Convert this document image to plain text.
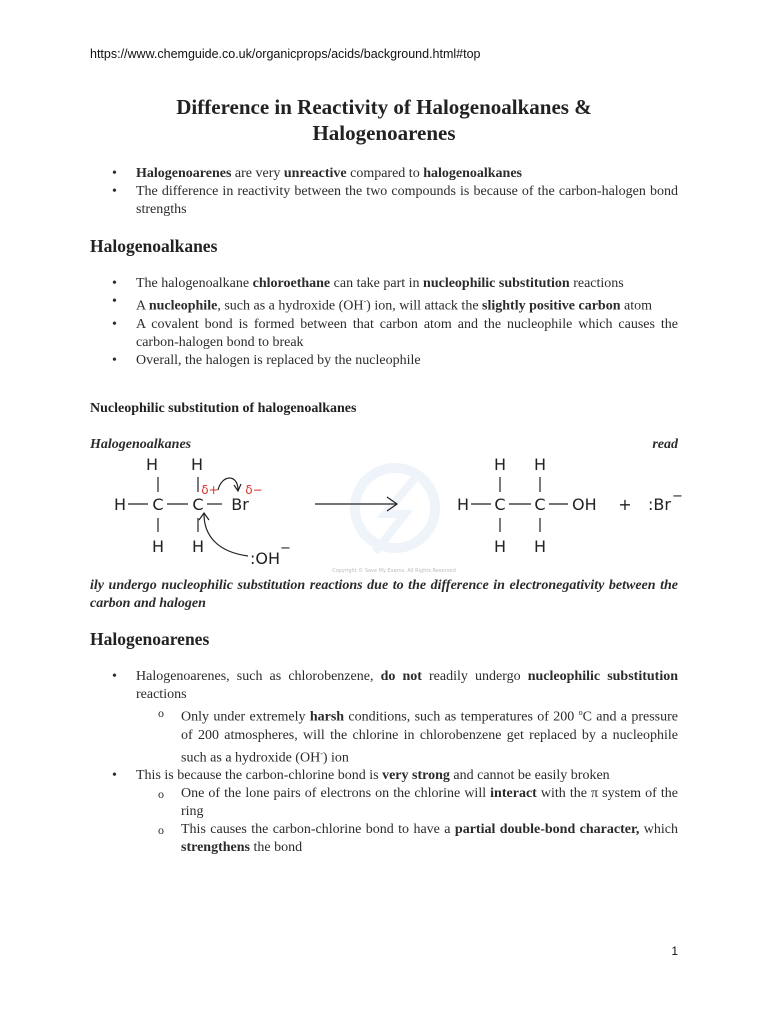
https://www.chemguide.co.uk/organicprops/acids/background.html#top
Difference in Reactivity of Halogenoalkanes &
Halogenoarenes
• Halogenoarenes are very unreactive compared to halogenoalkanes
• The difference in reactivity between the two compounds is because of the carbon-halogen bond strengths
Halogenoalkanes
• The halogenoalkane chloroethane can take part in nucleophilic substitution reactions
• A nucleophile, such as a hydroxide (OH-) ion, will attack the slightly positive carbon atom
• A covalent bond is formed between that carbon atom and the nucleophile which causes the carbon-halogen bond to break
• Overall, the halogen is replaced by the nucleophile
Nucleophilic substitution of halogenoalkanes
Halogenoalkanes	read
Copyright © Save My Exams. All Rights Reserved
H H
H C C Br
H H
δ+ δ−
:OH
−
H H
H C C OH
H H
+ :Br −
ily undergo nucleophilic substitution reactions due to the difference in electronegativity between the carbon and halogen
Halogenoarenes
• Halogenoarenes, such as chlorobenzene, do not readily undergo nucleophilic substitution reactions
o Only under extremely harsh conditions, such as temperatures of 200 $^o$C and a pressure of 200 atmospheres, will the chlorine in chlorobenzene get replaced by a nucleophile such as a hydroxide (OH-) ion
• This is because the carbon-chlorine bond is very strong and cannot be easily broken
o One of the lone pairs of electrons on the chlorine will interact with the π system of the ring
o This causes the carbon-chlorine bond to have a partial double-bond character, which strengthens the bond
1
